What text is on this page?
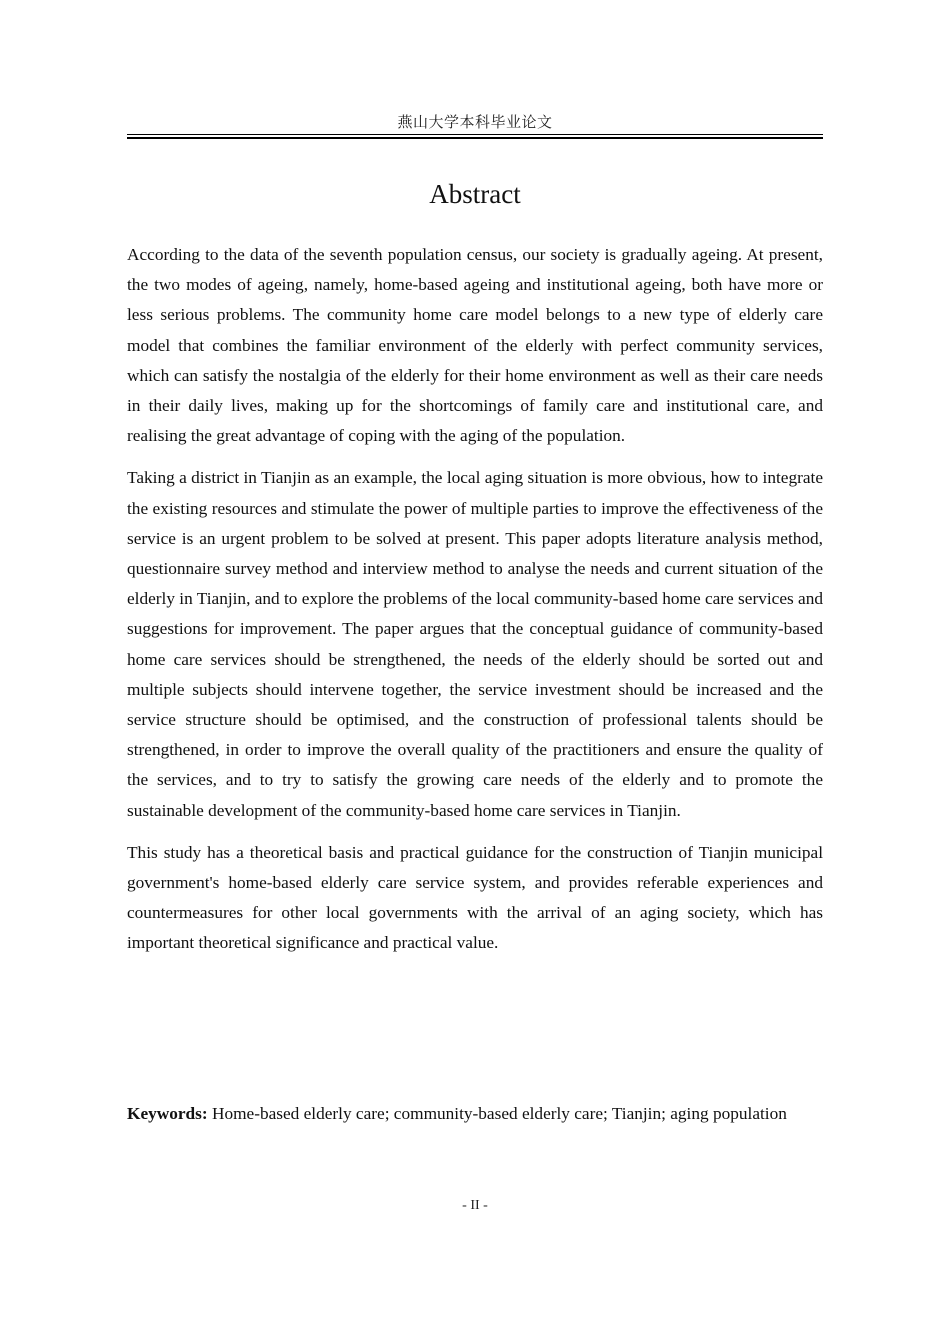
燕山大学本科毕业论文
Abstract

According to the data of the seventh population census, our society is gradually ageing. At present, the two modes of ageing, namely, home-based ageing and institutional ageing, both have more or less serious problems. The community home care model belongs to a new type of elderly care model that combines the familiar environment of the elderly with perfect community services, which can satisfy the nostalgia of the elderly for their home environment as well as their care needs in their daily lives, making up for the shortcomings of family care and institutional care, and realising the great advantage of coping with the aging of the population.

Taking a district in Tianjin as an example, the local aging situation is more obvious, how to integrate the existing resources and stimulate the power of multiple parties to improve the effectiveness of the service is an urgent problem to be solved at present. This paper adopts literature analysis method, questionnaire survey method and interview method to analyse the needs and current situation of the elderly in Tianjin, and to explore the problems of the local community-based home care services and suggestions for improvement. The paper argues that the conceptual guidance of community-based home care services should be strengthened, the needs of the elderly should be sorted out and multiple subjects should intervene together, the service investment should be increased and the service structure should be optimised, and the construction of professional talents should be strengthened, in order to improve the overall quality of the practitioners and ensure the quality of the services, and to try to satisfy the growing care needs of the elderly and to promote the sustainable development of the community-based home care services in Tianjin.

This study has a theoretical basis and practical guidance for the construction of Tianjin municipal government's home-based elderly care service system, and provides referable experiences and countermeasures for other local governments with the arrival of an aging society, which has important theoretical significance and practical value.

Keywords: Home-based elderly care; community-based elderly care; Tianjin; aging population

- II -
